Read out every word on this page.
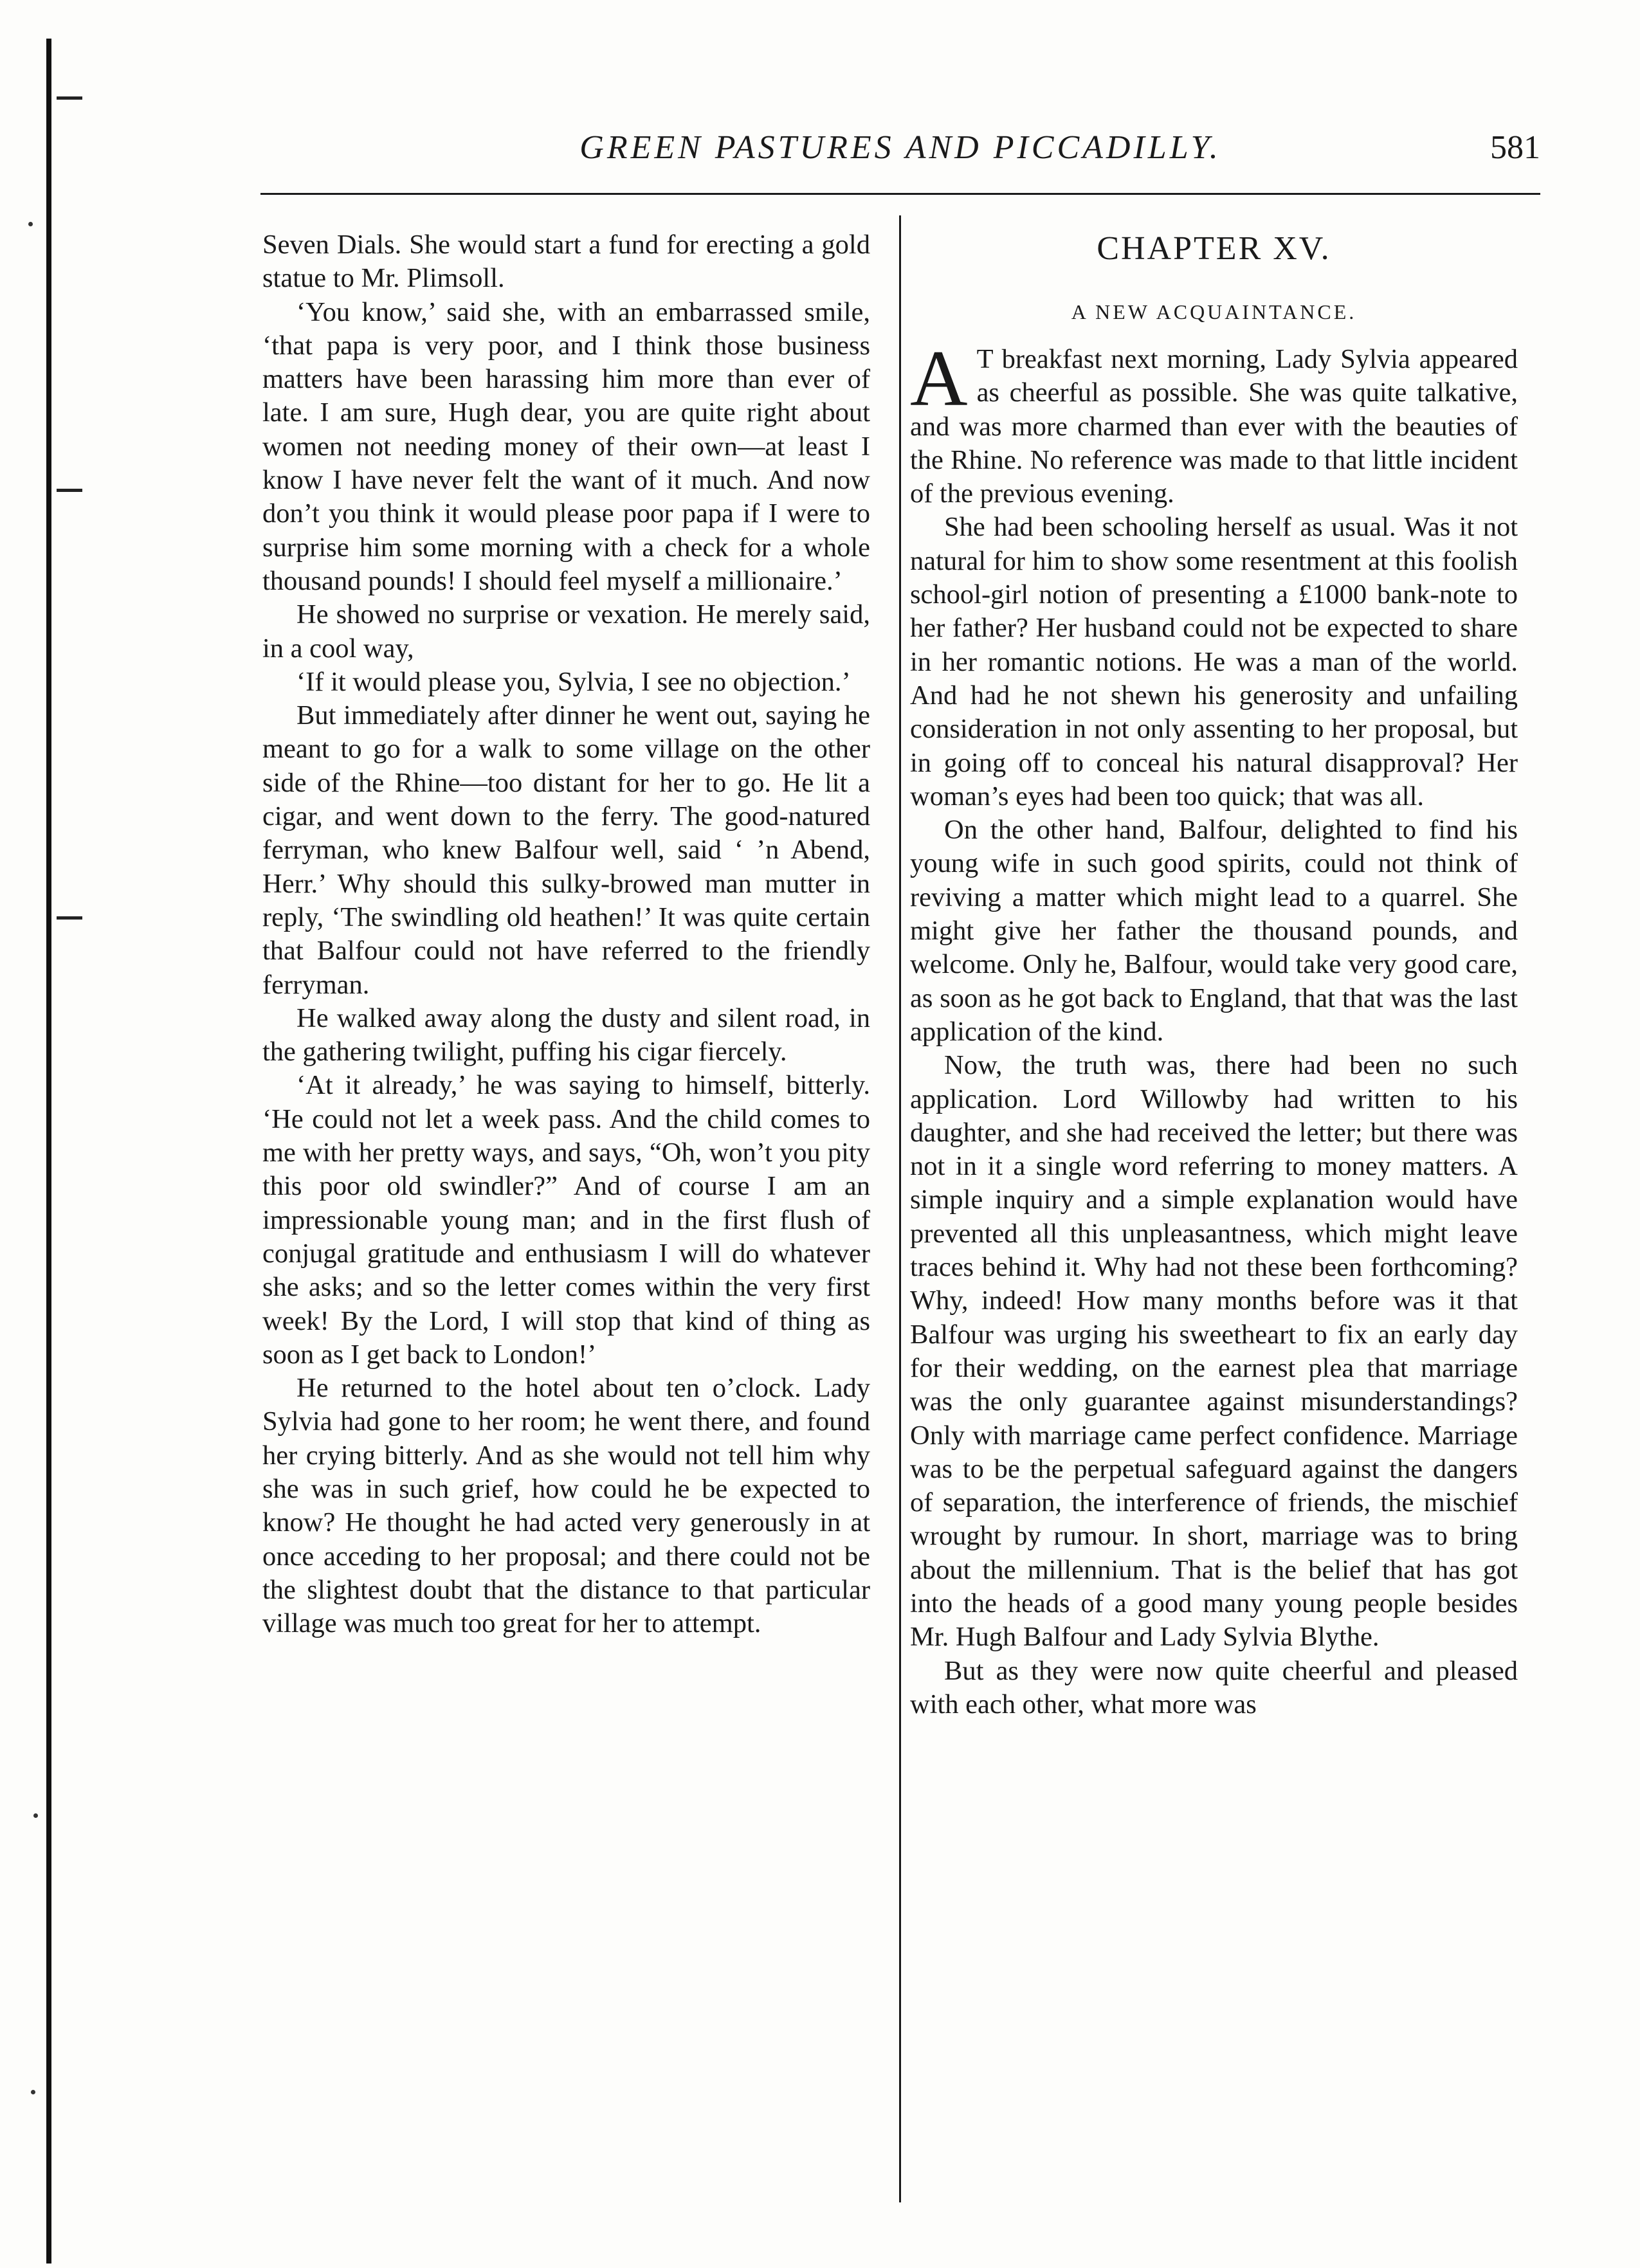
GREEN PASTURES AND PICCADILLY.	581

Seven Dials. She would start a fund for erecting a gold statue to Mr. Plimsoll.

‘You know,’ said she, with an embarrassed smile, ‘that papa is very poor, and I think those business matters have been harassing him more than ever of late. I am sure, Hugh dear, you are quite right about women not needing money of their own—at least I know I have never felt the want of it much. And now don’t you think it would please poor papa if I were to surprise him some morning with a check for a whole thousand pounds! I should feel myself a millionaire.’

He showed no surprise or vexation. He merely said, in a cool way,

‘If it would please you, Sylvia, I see no objection.’

But immediately after dinner he went out, saying he meant to go for a walk to some village on the other side of the Rhine—too distant for her to go. He lit a cigar, and went down to the ferry. The good-natured ferryman, who knew Balfour well, said ‘ ’n Abend, Herr.’ Why should this sulky-browed man mutter in reply, ‘The swindling old heathen!’ It was quite certain that Balfour could not have referred to the friendly ferryman.

He walked away along the dusty and silent road, in the gathering twilight, puffing his cigar fiercely.

‘At it already,’ he was saying to himself, bitterly. ‘He could not let a week pass. And the child comes to me with her pretty ways, and says, “Oh, won’t you pity this poor old swindler?” And of course I am an impressionable young man; and in the first flush of conjugal gratitude and enthusiasm I will do whatever she asks; and so the letter comes within the very first week! By the Lord, I will stop that kind of thing as soon as I get back to London!’

He returned to the hotel about ten o’clock. Lady Sylvia had gone to her room; he went there, and found her crying bitterly. And as she would not tell him why she was in such grief, how could he be expected to know? He thought he had acted very generously in at once acceding to her proposal; and there could not be the slightest doubt that the distance to that particular village was much too great for her to attempt.

CHAPTER XV.
A NEW ACQUAINTANCE.

A T breakfast next morning, Lady Sylvia appeared as cheerful as possible. She was quite talkative, and was more charmed than ever with the beauties of the Rhine. No reference was made to that little incident of the previous evening.

She had been schooling herself as usual. Was it not natural for him to show some resentment at this foolish school-girl notion of presenting a £1000 bank-note to her father? Her husband could not be expected to share in her romantic notions. He was a man of the world. And had he not shewn his generosity and unfailing consideration in not only assenting to her proposal, but in going off to conceal his natural disapproval? Her woman’s eyes had been too quick; that was all.

On the other hand, Balfour, delighted to find his young wife in such good spirits, could not think of reviving a matter which might lead to a quarrel. She might give her father the thousand pounds, and welcome. Only he, Balfour, would take very good care, as soon as he got back to England, that that was the last application of the kind.

Now, the truth was, there had been no such application. Lord Willowby had written to his daughter, and she had received the letter; but there was not in it a single word referring to money matters. A simple inquiry and a simple explanation would have prevented all this unpleasantness, which might leave traces behind it. Why had not these been forthcoming? Why, indeed! How many months before was it that Balfour was urging his sweetheart to fix an early day for their wedding, on the earnest plea that marriage was the only guarantee against misunderstandings? Only with marriage came perfect confidence. Marriage was to be the perpetual safeguard against the dangers of separation, the interference of friends, the mischief wrought by rumour. In short, marriage was to bring about the millennium. That is the belief that has got into the heads of a good many young people besides Mr. Hugh Balfour and Lady Sylvia Blythe.

But as they were now quite cheerful and pleased with each other, what more was
